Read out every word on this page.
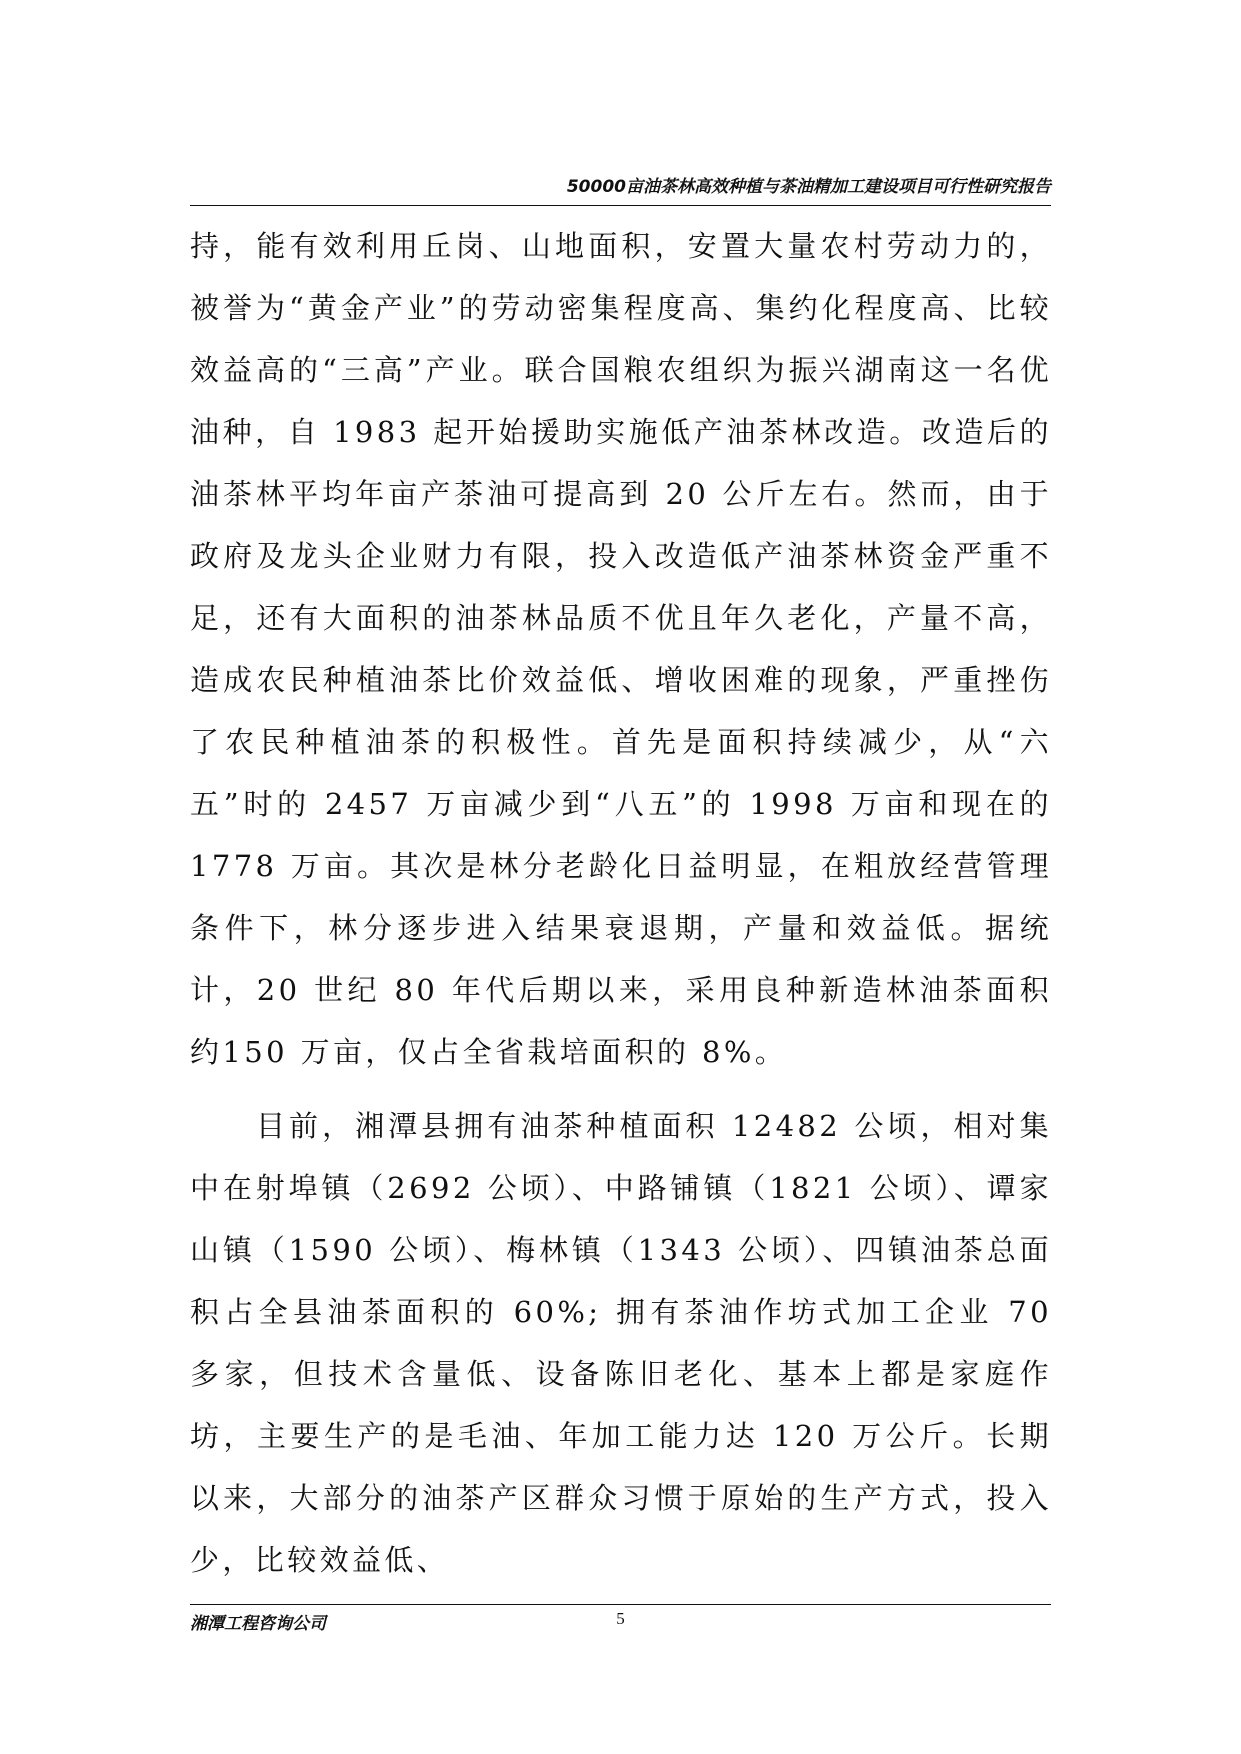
50000亩油茶林高效种植与茶油精加工建设项目可行性研究报告

持，能有效利用丘岗、山地面积，安置大量农村劳动力的，被誉为“黄金产业”的劳动密集程度高、集约化程度高、比较效益高的“三高”产业。联合国粮农组织为振兴湖南这一名优油种，自 1983 起开始援助实施低产油茶林改造。改造后的油茶林平均年亩产茶油可提高到 20 公斤左右。然而，由于政府及龙头企业财力有限，投入改造低产油茶林资金严重不足，还有大面积的油茶林品质不优且年久老化，产量不高，造成农民种植油茶比价效益低、增收困难的现象，严重挫伤了农民种植油茶的积极性。首先是面积持续减少，从“六五”时的 2457 万亩减少到“八五”的 1998 万亩和现在的 1778 万亩。其次是林分老龄化日益明显，在粗放经营管理条件下，林分逐步进入结果衰退期，产量和效益低。据统计，20 世纪 80 年代后期以来，采用良种新造林油茶面积约150 万亩，仅占全省栽培面积的 8%。

目前，湘潭县拥有油茶种植面积 12482 公顷，相对集中在射埠镇（2692 公顷）、中路铺镇（1821 公顷）、谭家山镇（1590 公顷）、梅林镇（1343 公顷）、四镇油茶总面积占全县油茶面积的 60%; 拥有茶油作坊式加工企业 70 多家，但技术含量低、设备陈旧老化、基本上都是家庭作坊，主要生产的是毛油、年加工能力达 120 万公斤。长期以来，大部分的油茶产区群众习惯于原始的生产方式，投入少，比较效益低、

湘潭工程咨询公司	5
